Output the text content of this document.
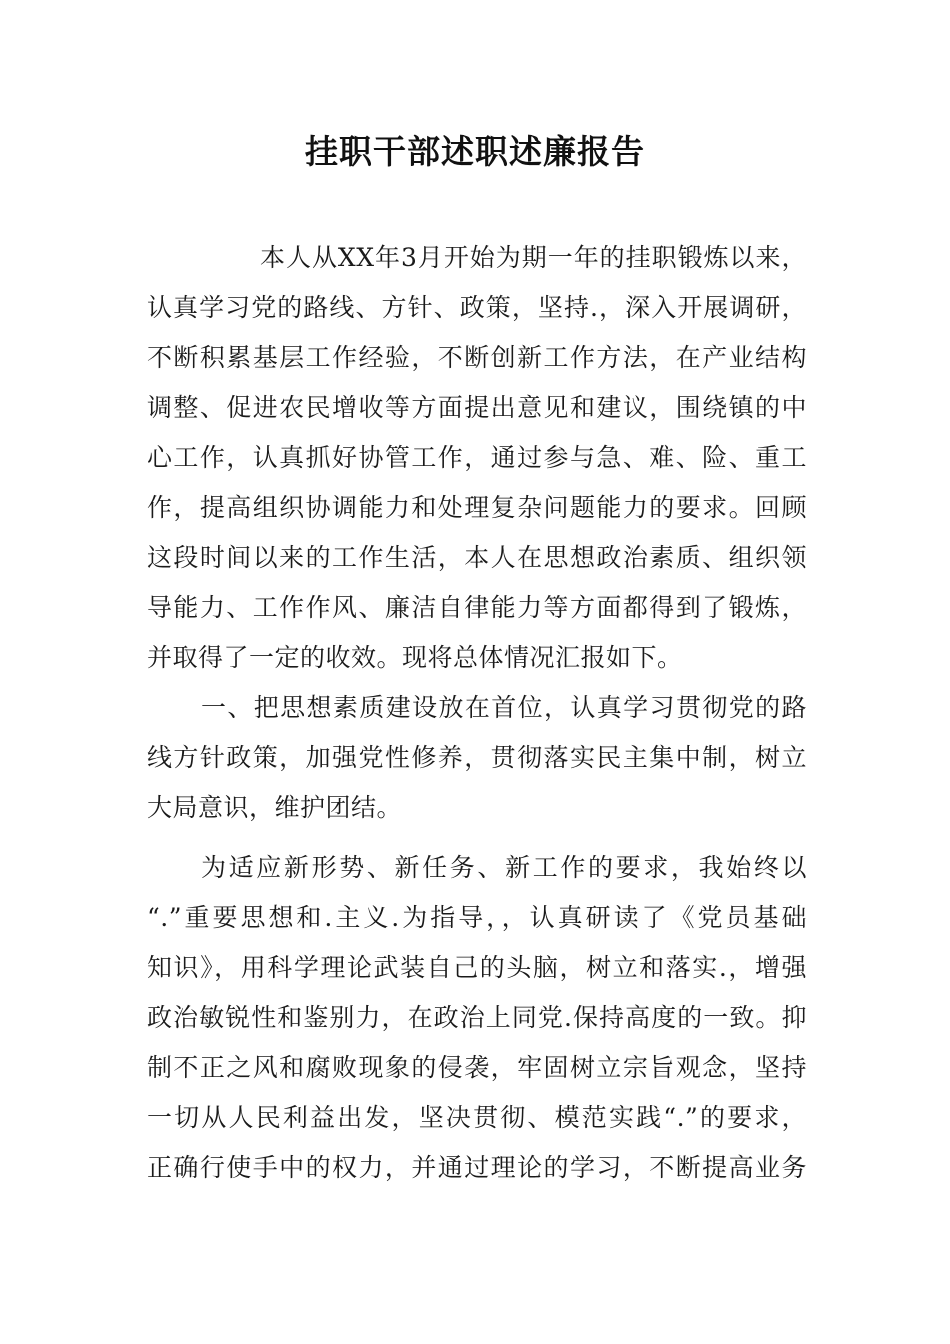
挂职干部述职述廉报告
本人从XX年3月开始为期一年的挂职锻炼以来，
认真学习党的路线、方针、政策，坚持.，深入开展调研，
不断积累基层工作经验，不断创新工作方法，在产业结构
调整、促进农民增收等方面提出意见和建议，围绕镇的中
心工作，认真抓好协管工作，通过参与急、难、险、重工
作，提高组织协调能力和处理复杂问题能力的要求。回顾
这段时间以来的工作生活，本人在思想政治素质、组织领
导能力、工作作风、廉洁自律能力等方面都得到了锻炼，
并取得了一定的收效。现将总体情况汇报如下。
一、把思想素质建设放在首位，认真学习贯彻党的路
线方针政策，加强党性修养，贯彻落实民主集中制，树立
大局意识，维护团结。
为适应新形势、新任务、新工作的要求，我始终以
“.”重要思想和.主义.为指导，，认真研读了《党员基础
知识》，用科学理论武装自己的头脑，树立和落实.，增强
政治敏锐性和鉴别力，在政治上同党.保持高度的一致。抑
制不正之风和腐败现象的侵袭，牢固树立宗旨观念，坚持
一切从人民利益出发，坚决贯彻、模范实践“.”的要求，
正确行使手中的权力，并通过理论的学习，不断提高业务
